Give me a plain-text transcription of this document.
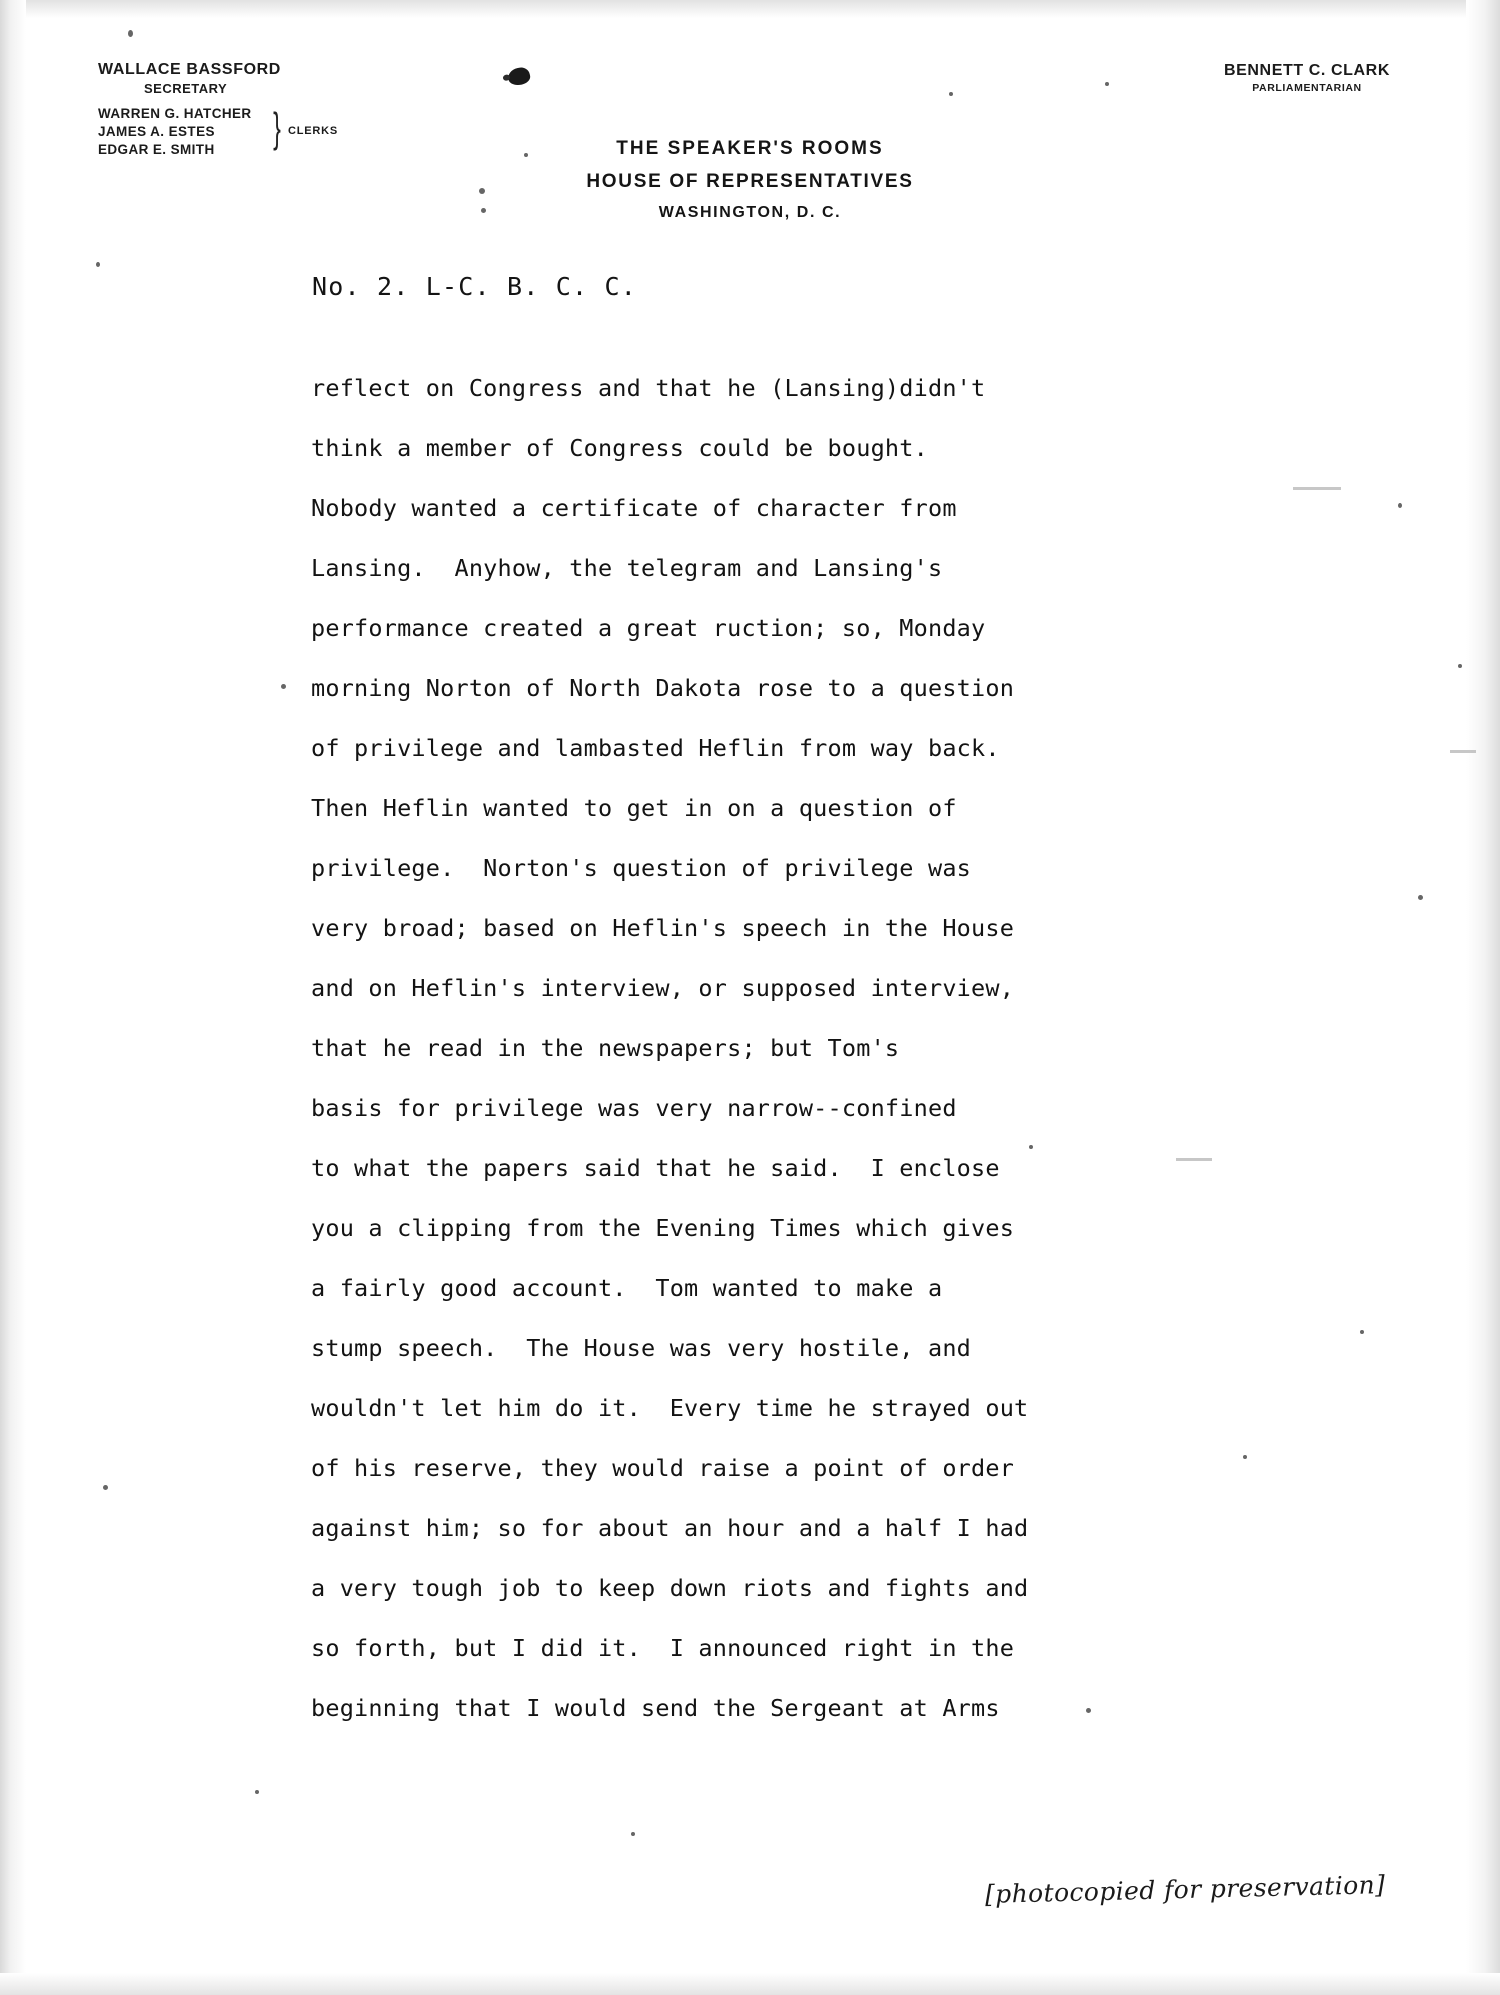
WALLACE BASSFORD
SECRETARY
WARREN G. HATCHER
JAMES A. ESTES
EDGAR E. SMITH	} CLERKS
BENNETT C. CLARK
PARLIAMENTARIAN
THE SPEAKER'S ROOMS
HOUSE OF REPRESENTATIVES
WASHINGTON, D. C.
No. 2. L-C. B. C. C.
reflect on Congress and that he (Lansing)didn't
think a member of Congress could be bought.
Nobody wanted a certificate of character from
Lansing.  Anyhow, the telegram and Lansing's
performance created a great ruction; so, Monday
morning Norton of North Dakota rose to a question
of privilege and lambasted Heflin from way back.
Then Heflin wanted to get in on a question of
privilege.  Norton's question of privilege was
very broad; based on Heflin's speech in the House
and on Heflin's interview, or supposed interview,
that he read in the newspapers; but Tom's
basis for privilege was very narrow--confined
to what the papers said that he said.  I enclose
you a clipping from the Evening Times which gives
a fairly good account.  Tom wanted to make a
stump speech.  The House was very hostile, and
wouldn't let him do it.  Every time he strayed out
of his reserve, they would raise a point of order
against him; so for about an hour and a half I had
a very tough job to keep down riots and fights and
so forth, but I did it.  I announced right in the
beginning that I would send the Sergeant at Arms
[photocopied for preservation]
